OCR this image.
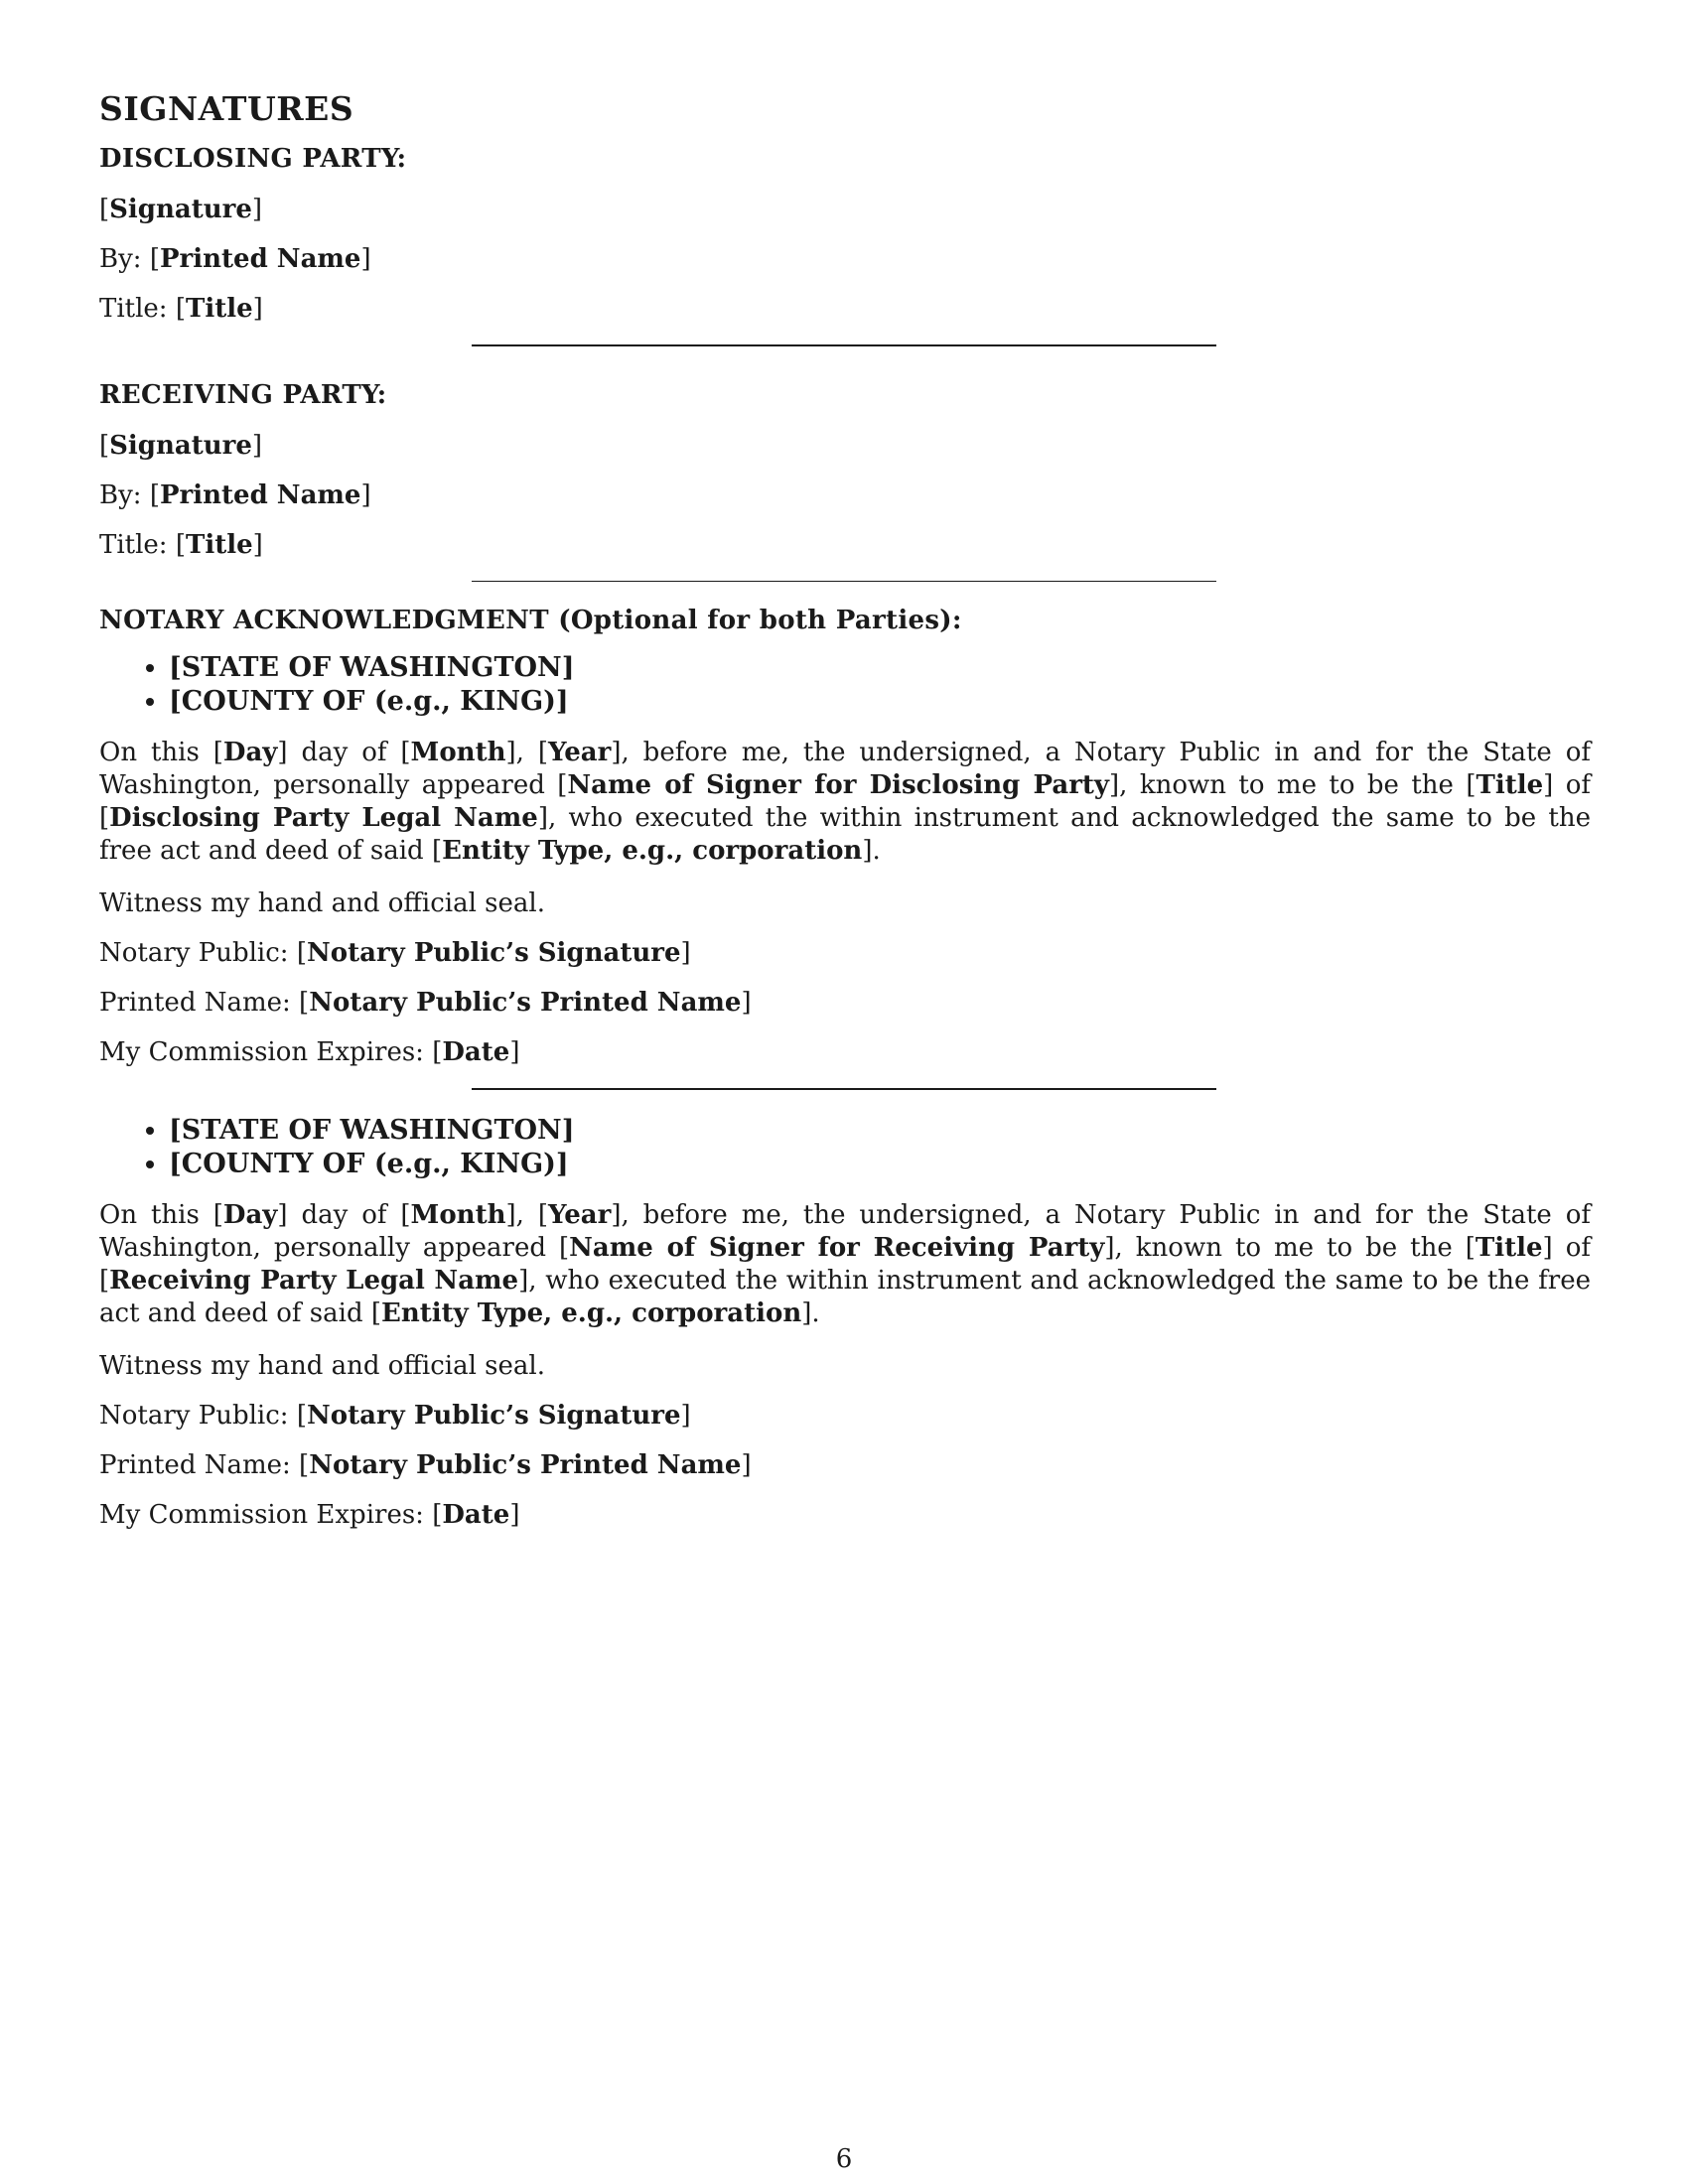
SIGNATURES
DISCLOSING PARTY:
[Signature]
By: [Printed Name]
Title: [Title]
RECEIVING PARTY:
[Signature]
By: [Printed Name]
Title: [Title]
NOTARY ACKNOWLEDGMENT (Optional for both Parties):
• [STATE OF WASHINGTON]
• [COUNTY OF (e.g., KING)]

On this [Day] day of [Month], [Year], before me, the undersigned, a Notary Public in and for the State of Washington, personally appeared [Name of Signer for Disclosing Party], known to me to be the [Title] of [Disclosing Party Legal Name], who executed the within instrument and acknowledged the same to be the free act and deed of said [Entity Type, e.g., corporation].

Witness my hand and official seal.
Notary Public: [Notary Public’s Signature]
Printed Name: [Notary Public’s Printed Name]
My Commission Expires: [Date]
• [STATE OF WASHINGTON]
• [COUNTY OF (e.g., KING)]

On this [Day] day of [Month], [Year], before me, the undersigned, a Notary Public in and for the State of Washington, personally appeared [Name of Signer for Receiving Party], known to me to be the [Title] of [Receiving Party Legal Name], who executed the within instrument and acknowledged the same to be the free act and deed of said [Entity Type, e.g., corporation].

Witness my hand and official seal.
Notary Public: [Notary Public’s Signature]
Printed Name: [Notary Public’s Printed Name]
My Commission Expires: [Date]
6
